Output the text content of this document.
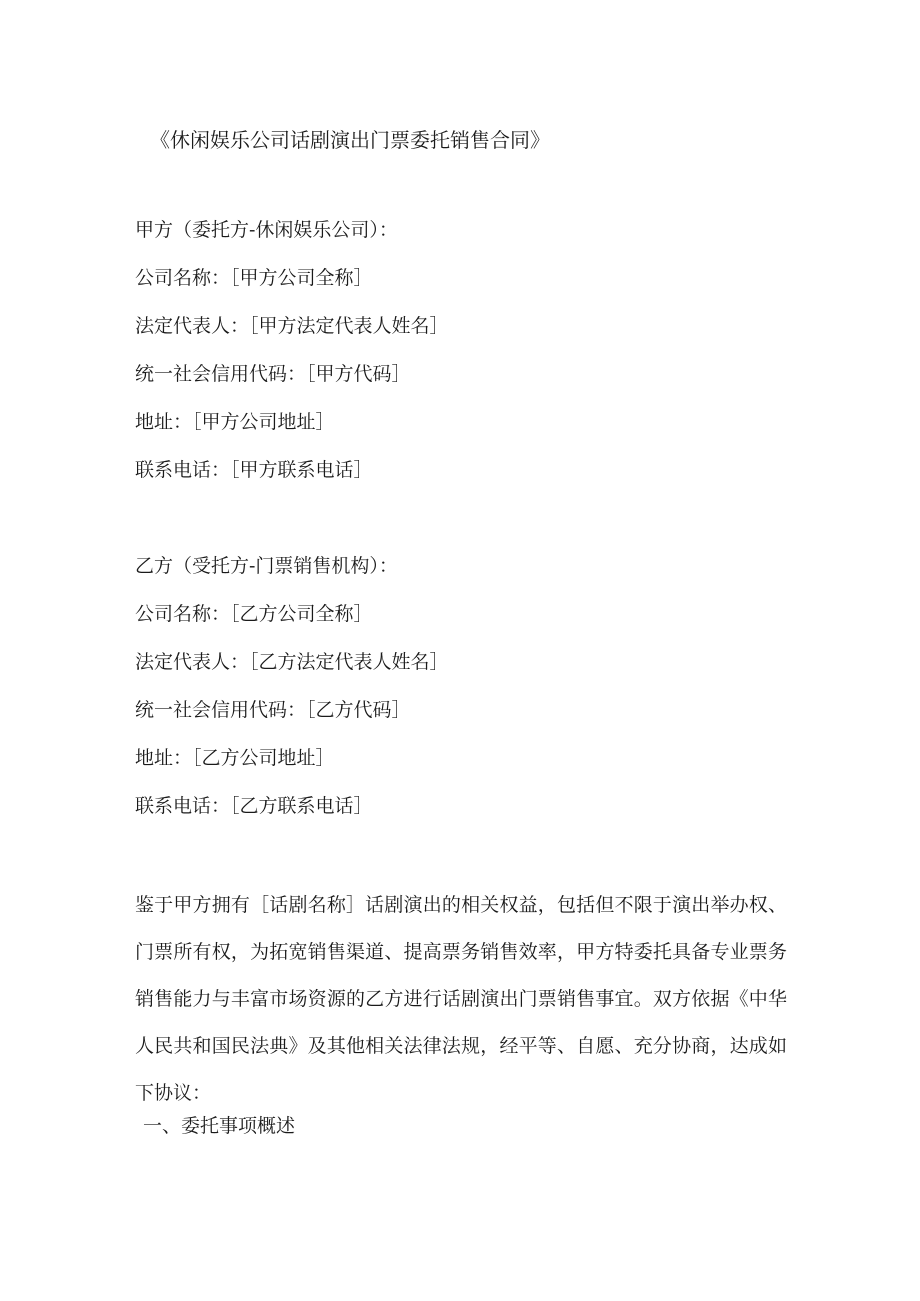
《休闲娱乐公司话剧演出门票委托销售合同》
甲方（委托方-休闲娱乐公司）：
公司名称：［甲方公司全称］
法定代表人：［甲方法定代表人姓名］
统一社会信用代码：［甲方代码］
地址：［甲方公司地址］
联系电话：［甲方联系电话］
乙方（受托方-门票销售机构）：
公司名称：［乙方公司全称］
法定代表人：［乙方法定代表人姓名］
统一社会信用代码：［乙方代码］
地址：［乙方公司地址］
联系电话：［乙方联系电话］
鉴于甲方拥有［话剧名称］话剧演出的相关权益，包括但不限于演出举办权、门票所有权，为拓宽销售渠道、提高票务销售效率，甲方特委托具备专业票务销售能力与丰富市场资源的乙方进行话剧演出门票销售事宜。双方依据《中华人民共和国民法典》及其他相关法律法规，经平等、自愿、充分协商，达成如下协议：
一、委托事项概述
